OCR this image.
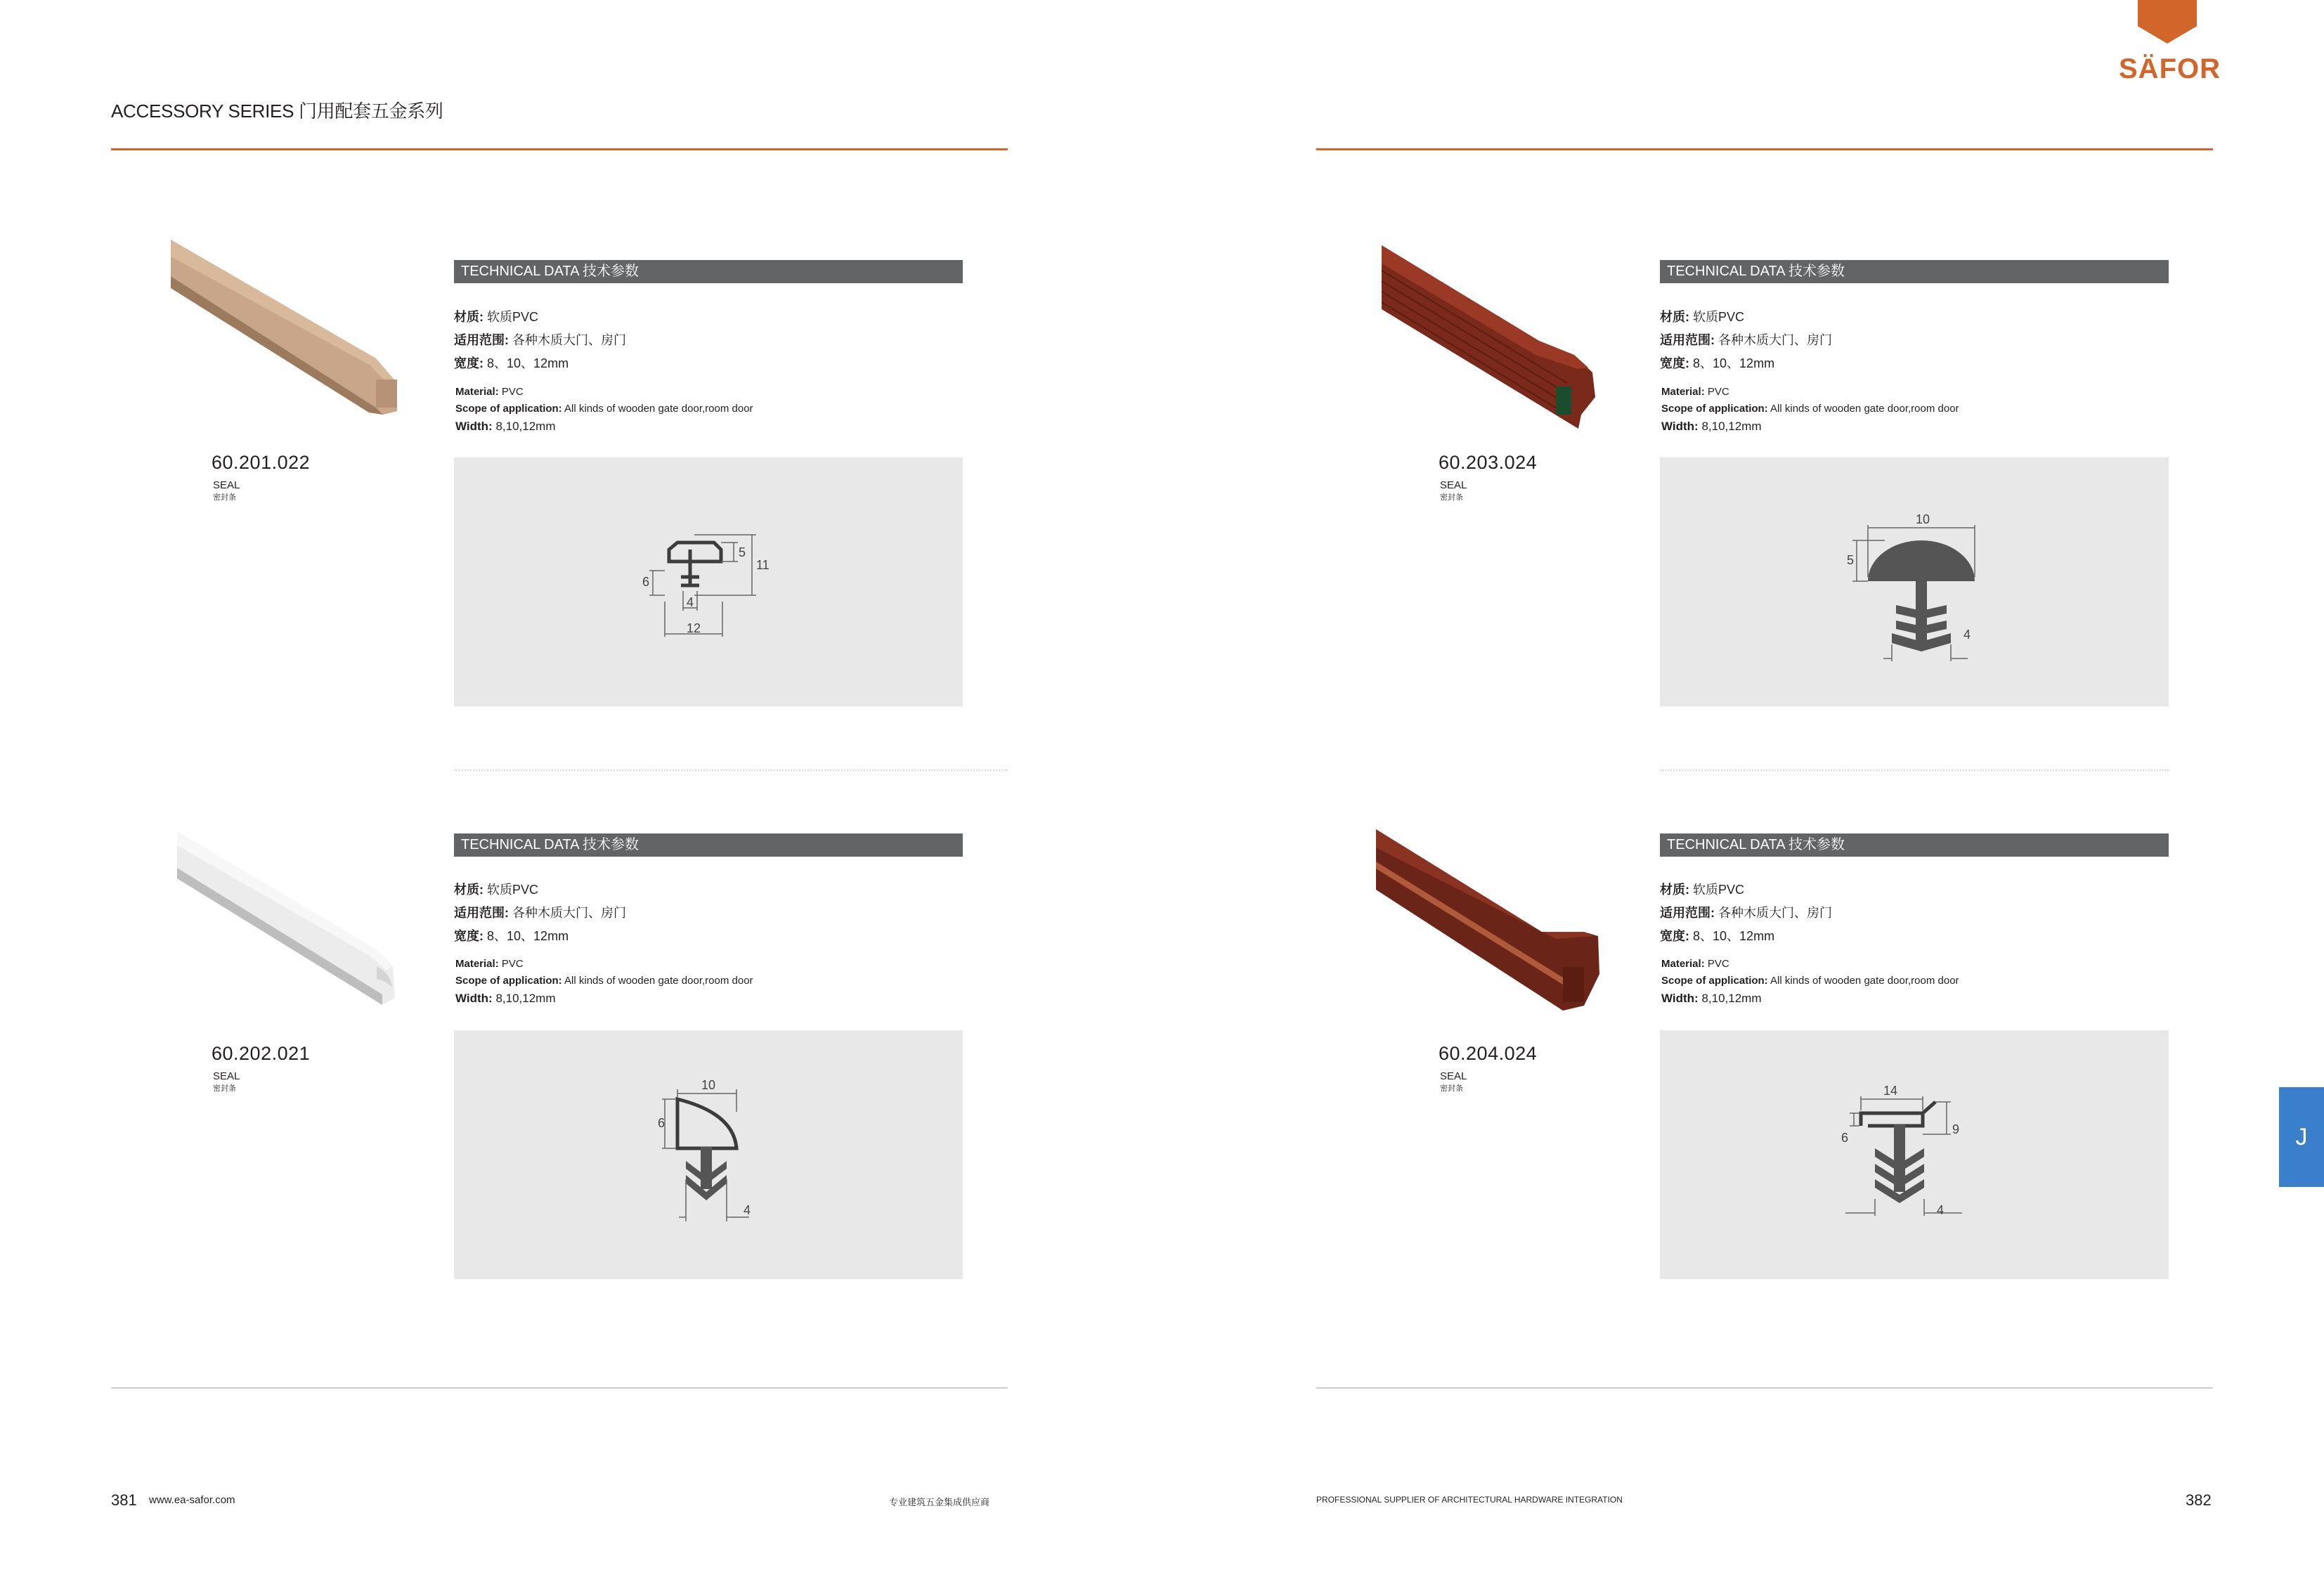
ACCESSORY SERIES 门用配套五金系列
SÄFOR
J
60.201.022
SEAL
密封条
TECHNICAL DATA 技术参数
材质: 软质PVC
适用范围: 各种木质大门、房门
宽度: 8、10、12mm
Material: PVC
Scope of application: All kinds of wooden gate door,room door
Width: 8,10,12mm
5
11
6
4
12
60.202.021
SEAL
密封条
TECHNICAL DATA 技术参数
材质: 软质PVC
适用范围: 各种木质大门、房门
宽度: 8、10、12mm
Material: PVC
Scope of application: All kinds of wooden gate door,room door
Width: 8,10,12mm
10
6
4
60.203.024
SEAL
密封条
TECHNICAL DATA 技术参数
材质: 软质PVC
适用范围: 各种木质大门、房门
宽度: 8、10、12mm
Material: PVC
Scope of application: All kinds of wooden gate door,room door
Width: 8,10,12mm
10
5
4
60.204.024
SEAL
密封条
TECHNICAL DATA 技术参数
材质: 软质PVC
适用范围: 各种木质大门、房门
宽度: 8、10、12mm
Material: PVC
Scope of application: All kinds of wooden gate door,room door
Width: 8,10,12mm
14
6
9
4
381 www.ea-safor.com	专业建筑五金集成供应商	PROFESSIONAL SUPPLIER OF ARCHITECTURAL HARDWARE INTEGRATION	382
